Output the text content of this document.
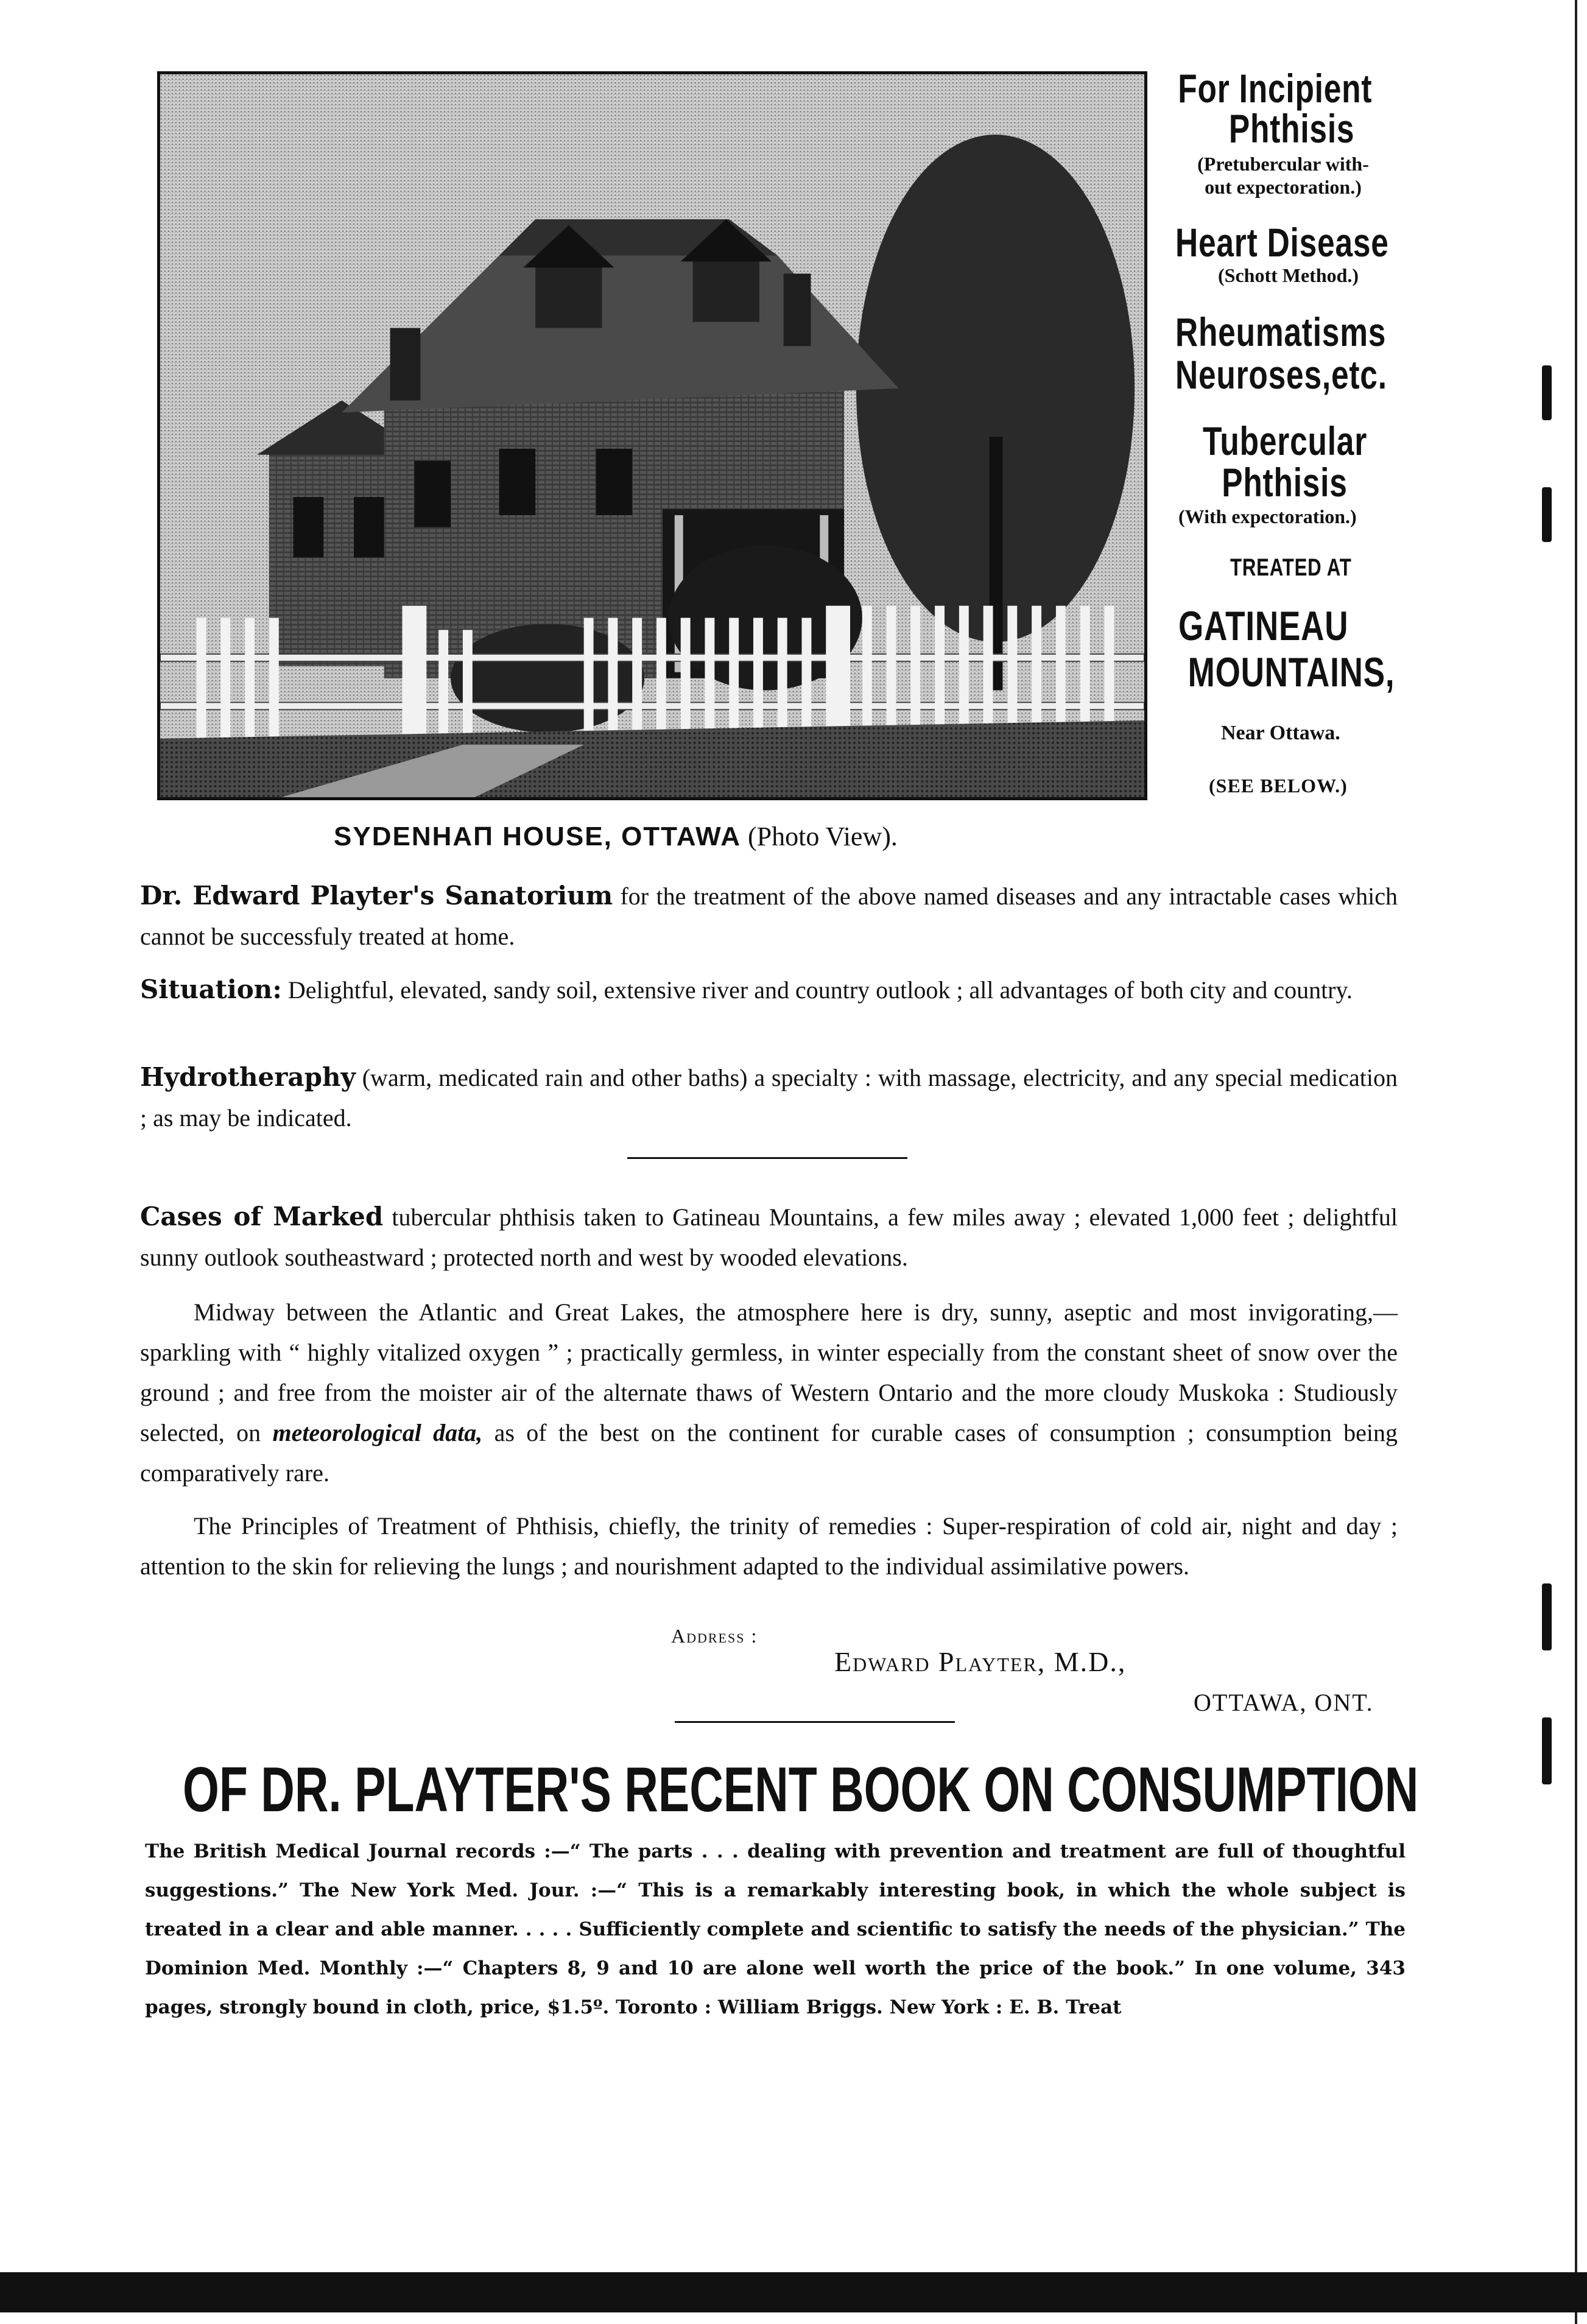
For Incipient
Phthisis
(Pretubercular with-
out expectoration.)
Heart Disease
(Schott Method.)
Rheumatisms
Neuroses,etc.
Tubercular
Phthisis
(With expectoration.)
TREATED AT
GATINEAU
MOUNTAINS,
Near Ottawa.
(SEE BELOW.)
SYDENHAΠ HOUSE, OTTAWA (Photo View).
Dr. Edward Playter's Sanatorium for the treatment of the above named diseases and any intractable cases which cannot be successfuly treated at home.
Situation: Delightful, elevated, sandy soil, extensive river and country outlook ; all advantages of both city and country.
Hydrotheraphy (warm, medicated rain and other baths) a specialty : with massage, electricity, and any special medication ; as may be indicated.
Cases of Marked tubercular phthisis taken to Gatineau Mountains, a few miles away ; elevated 1,000 feet ; delightful sunny outlook southeastward ; protected north and west by wooded elevations.
Midway between the Atlantic and Great Lakes, the atmosphere here is dry, sunny, aseptic and most invigorating,—sparkling with “ highly vitalized oxygen ” ; practically germless, in winter especially from the constant sheet of snow over the ground ; and free from the moister air of the alternate thaws of Western Ontario and the more cloudy Muskoka : Studiously selected, on meteorological data, as of the best on the continent for curable cases of consumption ; consumption being comparatively rare.
The Principles of Treatment of Phthisis, chiefly, the trinity of remedies : Super-respiration of cold air, night and day ; attention to the skin for relieving the lungs ; and nourishment adapted to the individual assimilative powers.
Address :
Edward Playter, M.D.,
OTTAWA, ONT.
OF DR. PLAYTER'S RECENT BOOK ON CONSUMPTION
The British Medical Journal records :—“ The parts . . . dealing with prevention and treatment are full of thoughtful suggestions.” The New York Med. Jour. :—“ This is a remarkably interesting book, in which the whole subject is treated in a clear and able manner. . . . . Sufficiently complete and scientific to satisfy the needs of the physician.” The Dominion Med. Monthly :—“ Chapters 8, 9 and 10 are alone well worth the price of the book.” In one volume, 343 pages, strongly bound in cloth, price, $1.5º. Toronto : William Briggs. New York : E. B. Treat
